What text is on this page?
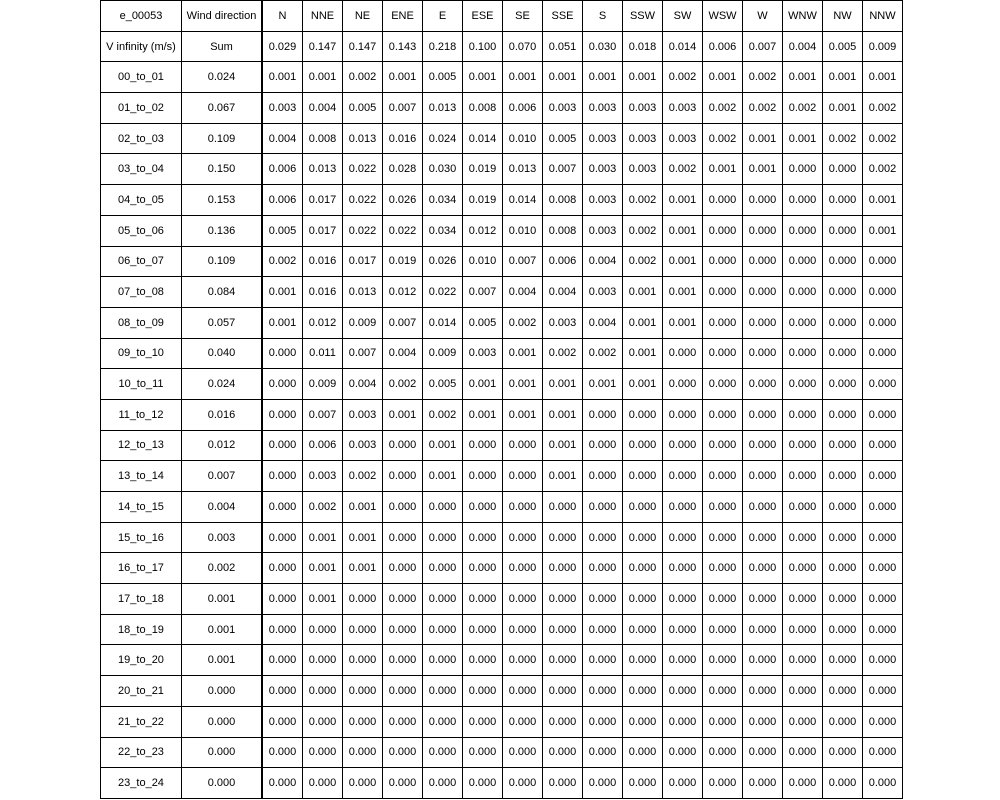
e_00053	Wind direction	N	NNE	NE	ENE	E	ESE	SE	SSE	S	SSW	SW	WSW	W	WNW	NW	NNW
V infinity (m/s)	Sum	0.029	0.147	0.147	0.143	0.218	0.100	0.070	0.051	0.030	0.018	0.014	0.006	0.007	0.004	0.005	0.009
00_to_01	0.024	0.001	0.001	0.002	0.001	0.005	0.001	0.001	0.001	0.001	0.001	0.002	0.001	0.002	0.001	0.001	0.001
01_to_02	0.067	0.003	0.004	0.005	0.007	0.013	0.008	0.006	0.003	0.003	0.003	0.003	0.002	0.002	0.002	0.001	0.002
02_to_03	0.109	0.004	0.008	0.013	0.016	0.024	0.014	0.010	0.005	0.003	0.003	0.003	0.002	0.001	0.001	0.002	0.002
03_to_04	0.150	0.006	0.013	0.022	0.028	0.030	0.019	0.013	0.007	0.003	0.003	0.002	0.001	0.001	0.000	0.000	0.002
04_to_05	0.153	0.006	0.017	0.022	0.026	0.034	0.019	0.014	0.008	0.003	0.002	0.001	0.000	0.000	0.000	0.000	0.001
05_to_06	0.136	0.005	0.017	0.022	0.022	0.034	0.012	0.010	0.008	0.003	0.002	0.001	0.000	0.000	0.000	0.000	0.001
06_to_07	0.109	0.002	0.016	0.017	0.019	0.026	0.010	0.007	0.006	0.004	0.002	0.001	0.000	0.000	0.000	0.000	0.000
07_to_08	0.084	0.001	0.016	0.013	0.012	0.022	0.007	0.004	0.004	0.003	0.001	0.001	0.000	0.000	0.000	0.000	0.000
08_to_09	0.057	0.001	0.012	0.009	0.007	0.014	0.005	0.002	0.003	0.004	0.001	0.001	0.000	0.000	0.000	0.000	0.000
09_to_10	0.040	0.000	0.011	0.007	0.004	0.009	0.003	0.001	0.002	0.002	0.001	0.000	0.000	0.000	0.000	0.000	0.000
10_to_11	0.024	0.000	0.009	0.004	0.002	0.005	0.001	0.001	0.001	0.001	0.001	0.000	0.000	0.000	0.000	0.000	0.000
11_to_12	0.016	0.000	0.007	0.003	0.001	0.002	0.001	0.001	0.001	0.000	0.000	0.000	0.000	0.000	0.000	0.000	0.000
12_to_13	0.012	0.000	0.006	0.003	0.000	0.001	0.000	0.000	0.001	0.000	0.000	0.000	0.000	0.000	0.000	0.000	0.000
13_to_14	0.007	0.000	0.003	0.002	0.000	0.001	0.000	0.000	0.001	0.000	0.000	0.000	0.000	0.000	0.000	0.000	0.000
14_to_15	0.004	0.000	0.002	0.001	0.000	0.000	0.000	0.000	0.000	0.000	0.000	0.000	0.000	0.000	0.000	0.000	0.000
15_to_16	0.003	0.000	0.001	0.001	0.000	0.000	0.000	0.000	0.000	0.000	0.000	0.000	0.000	0.000	0.000	0.000	0.000
16_to_17	0.002	0.000	0.001	0.001	0.000	0.000	0.000	0.000	0.000	0.000	0.000	0.000	0.000	0.000	0.000	0.000	0.000
17_to_18	0.001	0.000	0.001	0.000	0.000	0.000	0.000	0.000	0.000	0.000	0.000	0.000	0.000	0.000	0.000	0.000	0.000
18_to_19	0.001	0.000	0.000	0.000	0.000	0.000	0.000	0.000	0.000	0.000	0.000	0.000	0.000	0.000	0.000	0.000	0.000
19_to_20	0.001	0.000	0.000	0.000	0.000	0.000	0.000	0.000	0.000	0.000	0.000	0.000	0.000	0.000	0.000	0.000	0.000
20_to_21	0.000	0.000	0.000	0.000	0.000	0.000	0.000	0.000	0.000	0.000	0.000	0.000	0.000	0.000	0.000	0.000	0.000
21_to_22	0.000	0.000	0.000	0.000	0.000	0.000	0.000	0.000	0.000	0.000	0.000	0.000	0.000	0.000	0.000	0.000	0.000
22_to_23	0.000	0.000	0.000	0.000	0.000	0.000	0.000	0.000	0.000	0.000	0.000	0.000	0.000	0.000	0.000	0.000	0.000
23_to_24	0.000	0.000	0.000	0.000	0.000	0.000	0.000	0.000	0.000	0.000	0.000	0.000	0.000	0.000	0.000	0.000	0.000
